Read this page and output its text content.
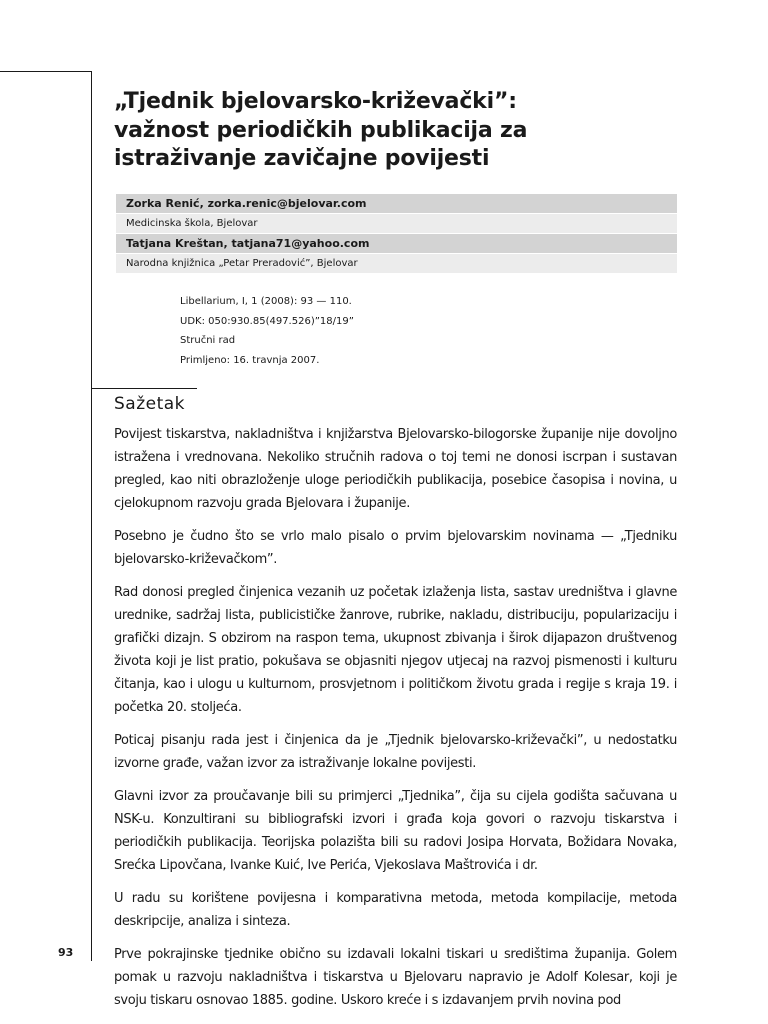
„Tjednik bjelovarsko-križevački”:
važnost periodičkih publikacija za
istraživanje zavičajne povijesti
Zorka Renić, zorka.renic@bjelovar.com
Medicinska škola, Bjelovar
Tatjana Kreštan, tatjana71@yahoo.com
Narodna knjižnica „Petar Preradović”, Bjelovar
Libellarium, I, 1 (2008): 93 — 110.
UDK: 050:930.85(497.526)”18/19”
Stručni rad
Primljeno: 16. travnja 2007.
Sažetak

Povijest tiskarstva, nakladništva i knjižarstva Bjelovarsko-bilogorske županije nije dovoljno istražena i vrednovana. Nekoliko stručnih radova o toj temi ne donosi iscrpan i sustavan pregled, kao niti obrazloženje uloge periodičkih publikacija, posebice časopisa i novina, u cjelokupnom razvoju grada Bjelovara i županije.

Posebno je čudno što se vrlo malo pisalo o prvim bjelovarskim novinama — „Tjedniku bjelovarsko-križevačkom”.

Rad donosi pregled činjenica vezanih uz početak izlaženja lista, sastav uredništva i glavne urednike, sadržaj lista, publicističke žanrove, rubrike, nakladu, distribuciju, popularizaciju i grafički dizajn. S obzirom na raspon tema, ukupnost zbivanja i širok dijapazon društvenog života koji je list pratio, pokušava se objasniti njegov utjecaj na razvoj pismenosti i kulturu čitanja, kao i ulogu u kulturnom, prosvjetnom i političkom životu grada i regije s kraja 19. i početka 20. stoljeća.

Poticaj pisanju rada jest i činjenica da je „Tjednik bjelovarsko-križevački”, u nedostatku izvorne građe, važan izvor za istraživanje lokalne povijesti.

Glavni izvor za proučavanje bili su primjerci „Tjednika”, čija su cijela godišta sačuvana u NSK-u. Konzultirani su bibliografski izvori i građa koja govori o razvoju tiskarstva i periodičkih publikacija. Teorijska polazišta bili su radovi Josipa Horvata, Božidara Novaka, Srećka Lipovčana, Ivanke Kuić, Ive Perića, Vjekoslava Maštrovića i dr.

U radu su korištene povijesna i komparativna metoda, metoda kompilacije, metoda deskripcije, analiza i sinteza.

Prve pokrajinske tjednike obično su izdavali lokalni tiskari u središtima županija. Golem pomak u razvoju nakladništva i tiskarstva u Bjelovaru napravio je Adolf Kolesar, koji je svoju tiskaru osnovao 1885. godine. Uskoro kreće i s izdavanjem prvih novina pod

93
